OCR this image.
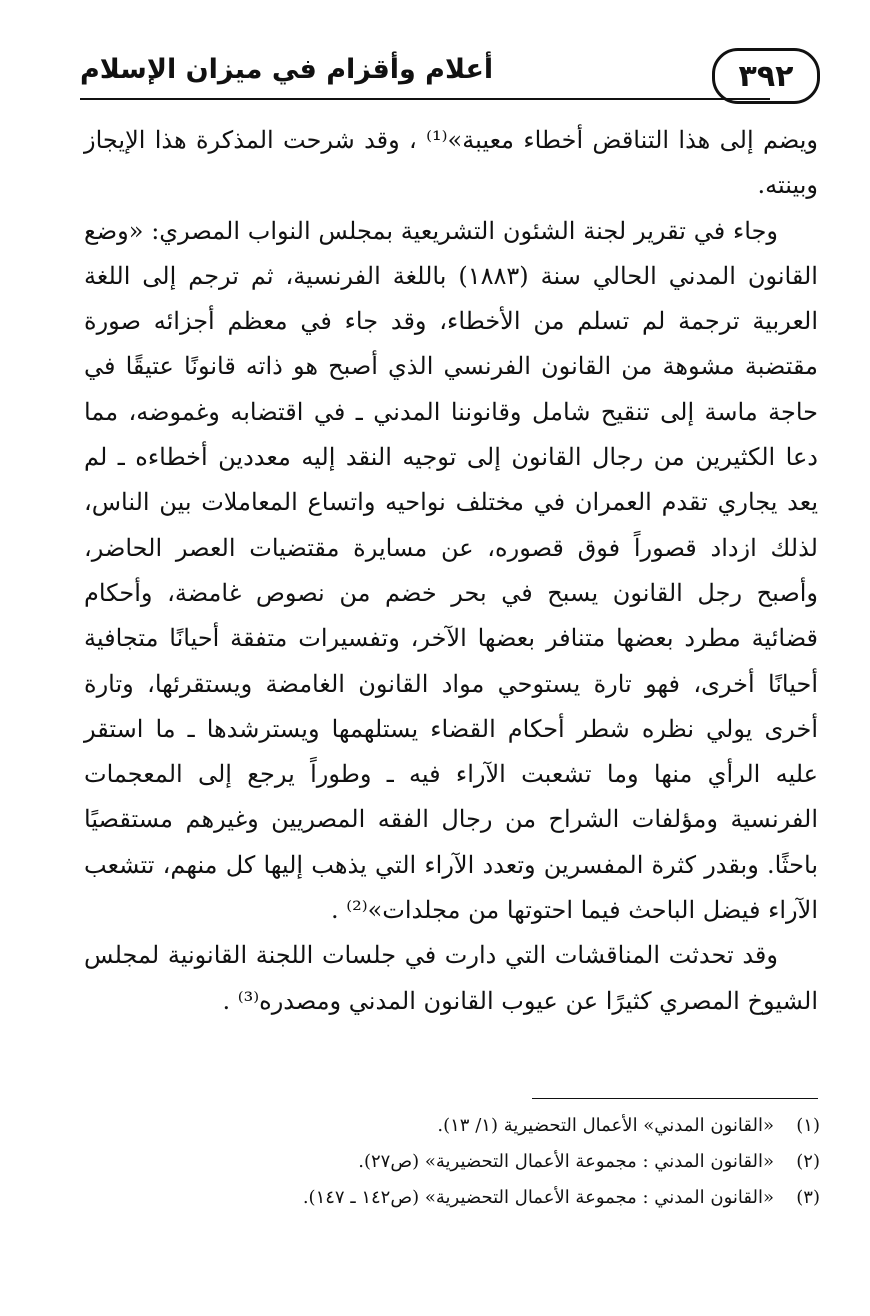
٣٩٢
أعلام وأقزام في ميزان الإسلام

ويضم إلى هذا التناقض أخطاء معيبة»⁽¹⁾ ، وقد شرحت المذكرة هذا الإيجاز وبينته.

وجاء في تقرير لجنة الشئون التشريعية بمجلس النواب المصري: «وضع القانون المدني الحالي سنة (١٨٨٣) باللغة الفرنسية، ثم ترجم إلى اللغة العربية ترجمة لم تسلم من الأخطاء، وقد جاء في معظم أجزائه صورة مقتضبة مشوهة من القانون الفرنسي الذي أصبح هو ذاته قانونًا عتيقًا في حاجة ماسة إلى تنقيح شامل وقانوننا المدني ـ في اقتضابه وغموضه، مما دعا الكثيرين من رجال القانون إلى توجيه النقد إليه معددين أخطاءه ـ لم يعد يجاري تقدم العمران في مختلف نواحيه واتساع المعاملات بين الناس، لذلك ازداد قصوراً فوق قصوره، عن مسايرة مقتضيات العصر الحاضر، وأصبح رجل القانون يسبح في بحر خضم من نصوص غامضة، وأحكام قضائية مطرد بعضها متنافر بعضها الآخر، وتفسيرات متفقة أحيانًا متجافية أحيانًا أخرى، فهو تارة يستوحي مواد القانون الغامضة ويستقرئها، وتارة أخرى يولي نظره شطر أحكام القضاء يستلهمها ويسترشدها ـ ما استقر عليه الرأي منها وما تشعبت الآراء فيه ـ وطوراً يرجع إلى المعجمات الفرنسية ومؤلفات الشراح من رجال الفقه المصريين وغيرهم مستقصيًا باحثًا. وبقدر كثرة المفسرين وتعدد الآراء التي يذهب إليها كل منهم، تتشعب الآراء فيضل الباحث فيما احتوتها من مجلدات»⁽²⁾ .

وقد تحدثت المناقشات التي دارت في جلسات اللجنة القانونية لمجلس الشيوخ المصري كثيرًا عن عيوب القانون المدني ومصدره⁽³⁾ .

(١)
«القانون المدني» الأعمال التحضيرية (١/ ١٣).
(٢)
«القانون المدني : مجموعة الأعمال التحضيرية» (ص٢٧).
(٣)
«القانون المدني : مجموعة الأعمال التحضيرية» (ص١٤٢ ـ ١٤٧).
